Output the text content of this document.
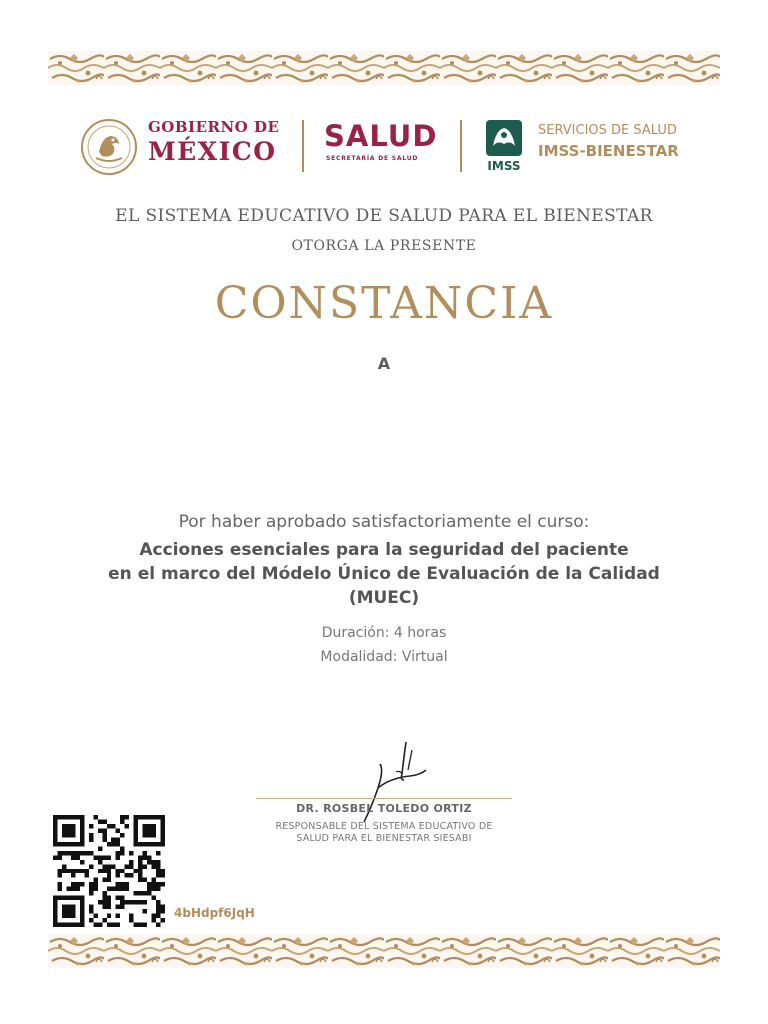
GOBIERNO DE
MÉXICO SALUD
SECRETARÍA DE SALUD
IMSS
SERVICIOS DE SALUD
IMSS-BIENESTAR
EL SISTEMA EDUCATIVO DE SALUD PARA EL BIENESTAR
OTORGA LA PRESENTE
CONSTANCIA
A
Por haber aprobado satisfactoriamente el curso:
Acciones esenciales para la seguridad del paciente
en el marco del Módelo Único de Evaluación de la Calidad
(MUEC)
Duración: 4 horas
Modalidad: Virtual
DR. ROSBEL TOLEDO ORTIZ
RESPONSABLE DEL SISTEMA EDUCATIVO DE
SALUD PARA EL BIENESTAR SIESABI
4bHdpf6JqH
